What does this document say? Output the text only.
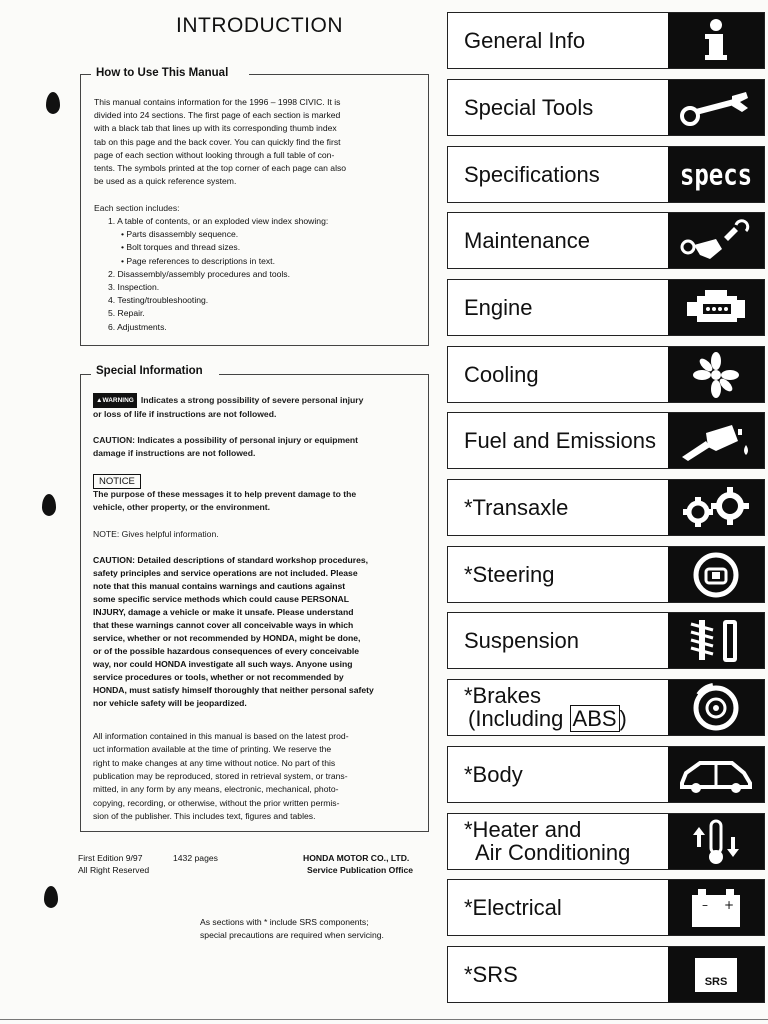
INTRODUCTION
How to Use This Manual
This manual contains information for the 1996 – 1998 CIVIC. It is
divided into 24 sections. The first page of each section is marked
with a black tab that lines up with its corresponding thumb index
tab on this page and the back cover. You can quickly find the first
page of each section without looking through a full table of con-
tents. The symbols printed at the top corner of each page can also
be used as a quick reference system.
Each section includes:
1. A table of contents, or an exploded view index showing:
• Parts disassembly sequence.
• Bolt torques and thread sizes.
• Page references to descriptions in text.
2. Disassembly/assembly procedures and tools.
3. Inspection.
4. Testing/troubleshooting.
5. Repair.
6. Adjustments.
Special Information
▲WARNING Indicates a strong possibility of severe personal injury
or loss of life if instructions are not followed.
CAUTION: Indicates a possibility of personal injury or equipment
damage if instructions are not followed.
NOTICE
The purpose of these messages it to help prevent damage to the
vehicle, other property, or the environment.
NOTE: Gives helpful information.
CAUTION: Detailed descriptions of standard workshop procedures,
safety principles and service operations are not included. Please
note that this manual contains warnings and cautions against
some specific service methods which could cause PERSONAL
INJURY, damage a vehicle or make it unsafe. Please understand
that these warnings cannot cover all conceivable ways in which
service, whether or not recommended by HONDA, might be done,
or of the possible hazardous consequences of every conceivable
way, nor could HONDA investigate all such ways. Anyone using
service procedures or tools, whether or not recommended by
HONDA, must satisfy himself thoroughly that neither personal safety
nor vehicle safety will be jeopardized.
All information contained in this manual is based on the latest prod-
uct information available at the time of printing. We reserve the
right to make changes at any time without notice. No part of this
publication may be reproduced, stored in retrieval system, or trans-
mitted, in any form by any means, electronic, mechanical, photo-
copying, recording, or otherwise, without the prior written permis-
sion of the publisher. This includes text, figures and tables.
First Edition 9/97	1432 pages
All Right Reserved
HONDA MOTOR CO., LTD.
Service Publication Office
As sections with * include SRS components;
special precautions are required when servicing.
General Info
Special Tools
Specifications	specs
Maintenance
Engine
Cooling
Fuel and Emissions
*Transaxle
*Steering
Suspension
*Brakes
(Including ABS )
*Body
*Heater and
Air Conditioning
*Electrical	– +
*SRS	SRS
